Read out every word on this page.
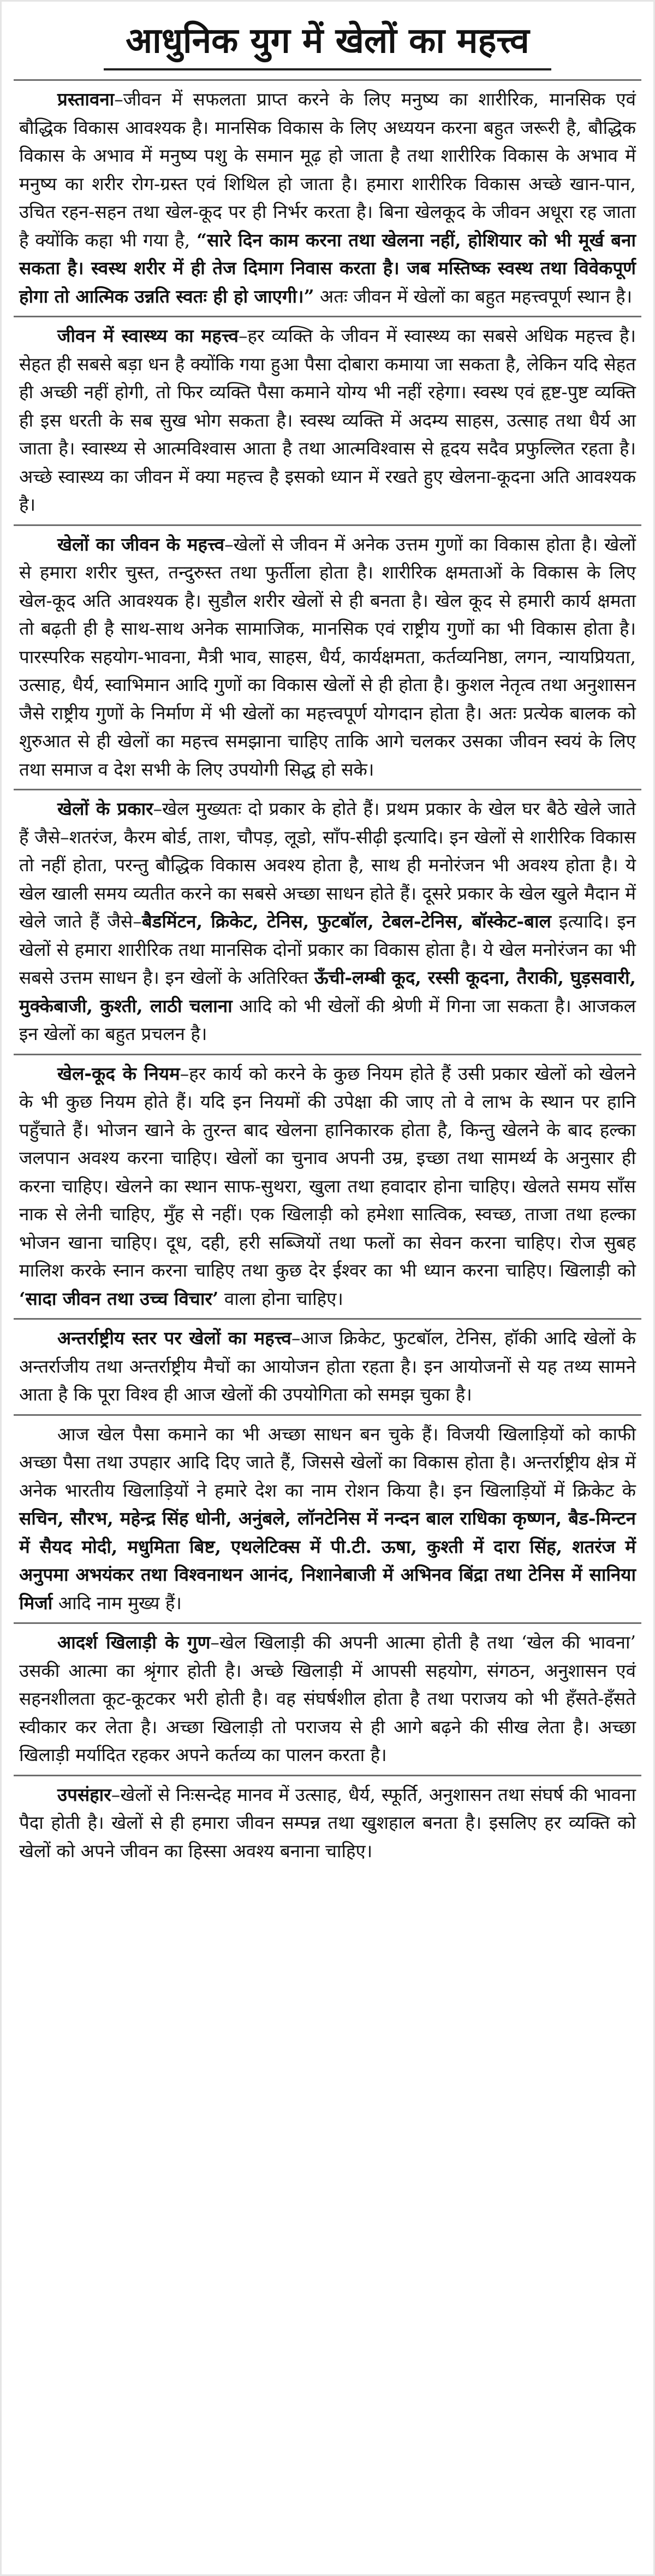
आधुनिक युग में खेलों का महत्त्व

प्रस्तावना–जीवन में सफलता प्राप्त करने के लिए मनुष्य का शारीरिक, मानसिक एवं बौद्धिक विकास आवश्यक है। मानसिक विकास के लिए अध्ययन करना बहुत जरूरी है, बौद्धिक विकास के अभाव में मनुष्य पशु के समान मूढ़ हो जाता है तथा शारीरिक विकास के अभाव में मनुष्य का शरीर रोग-ग्रस्त एवं शिथिल हो जाता है। हमारा शारीरिक विकास अच्छे खान-पान, उचित रहन-सहन तथा खेल-कूद पर ही निर्भर करता है। बिना खेलकूद के जीवन अधूरा रह जाता है क्योंकि कहा भी गया है, “सारे दिन काम करना तथा खेलना नहीं, होशियार को भी मूर्ख बना सकता है। स्वस्थ शरीर में ही तेज दिमाग निवास करता है। जब मस्तिष्क स्वस्थ तथा विवेकपूर्ण होगा तो आत्मिक उन्नति स्वतः ही हो जाएगी।” अतः जीवन में खेलों का बहुत महत्त्वपूर्ण स्थान है।

जीवन में स्वास्थ्य का महत्त्व–हर व्यक्ति के जीवन में स्वास्थ्य का सबसे अधिक महत्त्व है। सेहत ही सबसे बड़ा धन है क्योंकि गया हुआ पैसा दोबारा कमाया जा सकता है, लेकिन यदि सेहत ही अच्छी नहीं होगी, तो फिर व्यक्ति पैसा कमाने योग्य भी नहीं रहेगा। स्वस्थ एवं हृष्ट-पुष्ट व्यक्ति ही इस धरती के सब सुख भोग सकता है। स्वस्थ व्यक्ति में अदम्य साहस, उत्साह तथा धैर्य आ जाता है। स्वास्थ्य से आत्मविश्वास आता है तथा आत्मविश्वास से हृदय सदैव प्रफुल्लित रहता है। अच्छे स्वास्थ्य का जीवन में क्या महत्त्व है इसको ध्यान में रखते हुए खेलना-कूदना अति आवश्यक है।

खेलों का जीवन के महत्त्व–खेलों से जीवन में अनेक उत्तम गुणों का विकास होता है। खेलों से हमारा शरीर चुस्त, तन्दुरुस्त तथा फुर्तीला होता है। शारीरिक क्षमताओं के विकास के लिए खेल-कूद अति आवश्यक है। सुडौल शरीर खेलों से ही बनता है। खेल कूद से हमारी कार्य क्षमता तो बढ़ती ही है साथ-साथ अनेक सामाजिक, मानसिक एवं राष्ट्रीय गुणों का भी विकास होता है। पारस्परिक सहयोग-भावना, मैत्री भाव, साहस, धैर्य, कार्यक्षमता, कर्तव्यनिष्ठा, लगन, न्यायप्रियता, उत्साह, धैर्य, स्वाभिमान आदि गुणों का विकास खेलों से ही होता है। कुशल नेतृत्व तथा अनुशासन जैसे राष्ट्रीय गुणों के निर्माण में भी खेलों का महत्त्वपूर्ण योगदान होता है। अतः प्रत्येक बालक को शुरुआत से ही खेलों का महत्त्व समझाना चाहिए ताकि आगे चलकर उसका जीवन स्वयं के लिए तथा समाज व देश सभी के लिए उपयोगी सिद्ध हो सके।

खेलों के प्रकार–खेल मुख्यतः दो प्रकार के होते हैं। प्रथम प्रकार के खेल घर बैठे खेले जाते हैं जैसे–शतरंज, कैरम बोर्ड, ताश, चौपड़, लूडो, साँप-सीढ़ी इत्यादि। इन खेलों से शारीरिक विकास तो नहीं होता, परन्तु बौद्धिक विकास अवश्य होता है, साथ ही मनोरंजन भी अवश्य होता है। ये खेल खाली समय व्यतीत करने का सबसे अच्छा साधन होते हैं। दूसरे प्रकार के खेल खुले मैदान में खेले जाते हैं जैसे–बैडमिंटन, क्रिकेट, टेनिस, फुटबॉल, टेबल-टेनिस, बॉस्केट-बाल इत्यादि। इन खेलों से हमारा शारीरिक तथा मानसिक दोनों प्रकार का विकास होता है। ये खेल मनोरंजन का भी सबसे उत्तम साधन है। इन खेलों के अतिरिक्त ऊँची-लम्बी कूद, रस्सी कूदना, तैराकी, घुड़सवारी, मुक्केबाजी, कुश्ती, लाठी चलाना आदि को भी खेलों की श्रेणी में गिना जा सकता है। आजकल इन खेलों का बहुत प्रचलन है।

खेल-कूद के नियम–हर कार्य को करने के कुछ नियम होते हैं उसी प्रकार खेलों को खेलने के भी कुछ नियम होते हैं। यदि इन नियमों की उपेक्षा की जाए तो वे लाभ के स्थान पर हानि पहुँचाते हैं। भोजन खाने के तुरन्त बाद खेलना हानिकारक होता है, किन्तु खेलने के बाद हल्का जलपान अवश्य करना चाहिए। खेलों का चुनाव अपनी उम्र, इच्छा तथा सामर्थ्य के अनुसार ही करना चाहिए। खेलने का स्थान साफ-सुथरा, खुला तथा हवादार होना चाहिए। खेलते समय साँस नाक से लेनी चाहिए, मुँह से नहीं। एक खिलाड़ी को हमेशा सात्विक, स्वच्छ, ताजा तथा हल्का भोजन खाना चाहिए। दूध, दही, हरी सब्जियों तथा फलों का सेवन करना चाहिए। रोज सुबह मालिश करके स्नान करना चाहिए तथा कुछ देर ईश्वर का भी ध्यान करना चाहिए। खिलाड़ी को ‘सादा जीवन तथा उच्च विचार’ वाला होना चाहिए।

अन्तर्राष्ट्रीय स्तर पर खेलों का महत्त्व–आज क्रिकेट, फुटबॉल, टेनिस, हॉकी आदि खेलों के अन्तर्राजीय तथा अन्तर्राष्ट्रीय मैचों का आयोजन होता रहता है। इन आयोजनों से यह तथ्य सामने आता है कि पूरा विश्व ही आज खेलों की उपयोगिता को समझ चुका है।

आज खेल पैसा कमाने का भी अच्छा साधन बन चुके हैं। विजयी खिलाड़ियों को काफी अच्छा पैसा तथा उपहार आदि दिए जाते हैं, जिससे खेलों का विकास होता है। अन्तर्राष्ट्रीय क्षेत्र में अनेक भारतीय खिलाड़ियों ने हमारे देश का नाम रोशन किया है। इन खिलाड़ियों में क्रिकेट के सचिन, सौरभ, महेन्द्र सिंह धोनी, अनुंबले, लॉनटेनिस में नन्दन बाल राधिका कृष्णन, बैड-मिन्टन में सैयद मोदी, मधुमिता बिष्ट, एथलेटिक्स में पी.टी. ऊषा, कुश्ती में दारा सिंह, शतरंज में अनुपमा अभयंकर तथा विश्वनाथन आनंद, निशानेबाजी में अभिनव बिंद्रा तथा टेनिस में सानिया मिर्जा आदि नाम मुख्य हैं।

आदर्श खिलाड़ी के गुण–खेल खिलाड़ी की अपनी आत्मा होती है तथा ‘खेल की भावना’ उसकी आत्मा का श्रृंगार होती है। अच्छे खिलाड़ी में आपसी सहयोग, संगठन, अनुशासन एवं सहनशीलता कूट-कूटकर भरी होती है। वह संघर्षशील होता है तथा पराजय को भी हँसते-हँसते स्वीकार कर लेता है। अच्छा खिलाड़ी तो पराजय से ही आगे बढ़ने की सीख लेता है। अच्छा खिलाड़ी मर्यादित रहकर अपने कर्तव्य का पालन करता है।

उपसंहार–खेलों से निःसन्देह मानव में उत्साह, धैर्य, स्फूर्ति, अनुशासन तथा संघर्ष की भावना पैदा होती है। खेलों से ही हमारा जीवन सम्पन्न तथा खुशहाल बनता है। इसलिए हर व्यक्ति को खेलों को अपने जीवन का हिस्सा अवश्य बनाना चाहिए।
